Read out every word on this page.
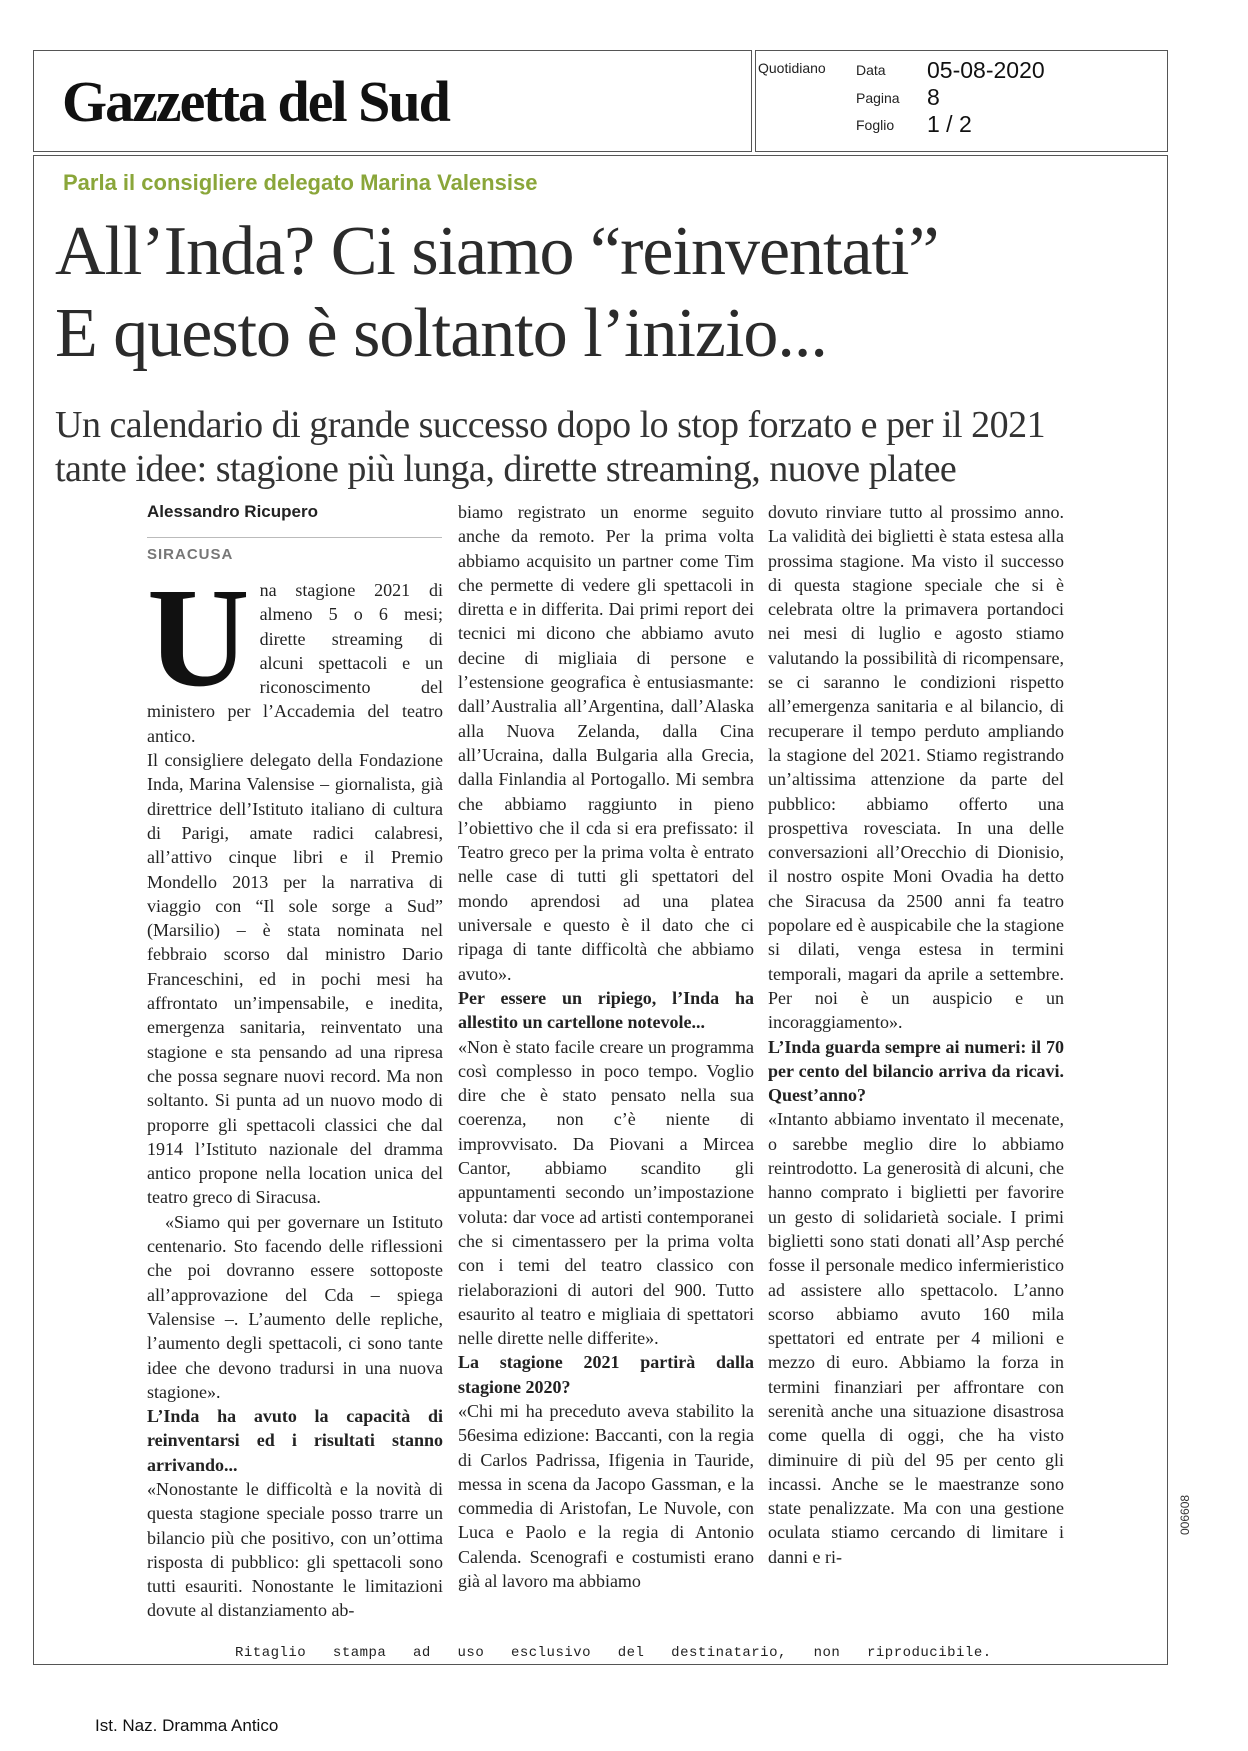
Gazzetta del Sud
Quotidiano Data 05-08-2020
Pagina 8
Foglio 1 / 2
Parla il consigliere delegato Marina Valensise
All’Inda? Ci siamo “reinventati”
E questo è soltanto l’inizio...
Un calendario di grande successo dopo lo stop forzato e per il 2021
tante idee: stagione più lunga, dirette streaming, nuove platee
Alessandro Ricupero
SIRACUSA
U na stagione 2021 di almeno 5 o 6 mesi; dirette streaming di alcuni spettacoli e un riconoscimento del ministero per l’Accademia del teatro antico.

Il consigliere delegato della Fondazione Inda, Marina Valensise – giornalista, già direttrice dell’Istituto italiano di cultura di Parigi, amate radici calabresi, all’attivo cinque libri e il Premio Mondello 2013 per la narrativa di viaggio con “Il sole sorge a Sud” (Marsilio) – è stata nominata nel febbraio scorso dal ministro Dario Franceschini, ed in pochi mesi ha affrontato un’impensabile, e inedita, emergenza sanitaria, reinventato una stagione e sta pensando ad una ripresa che possa segnare nuovi record. Ma non soltanto. Si punta ad un nuovo modo di proporre gli spettacoli classici che dal 1914 l’Istituto nazionale del dramma antico propone nella location unica del teatro greco di Siracusa.

«Siamo qui per governare un Istituto centenario. Sto facendo delle riflessioni che poi dovranno essere sottoposte all’approvazione del Cda – spiega Valensise –. L’aumento delle repliche, l’aumento degli spettacoli, ci sono tante idee che devono tradursi in una nuova stagione».

L’Inda ha avuto la capacità di reinventarsi ed i risultati stanno arrivando...

«Nonostante le difficoltà e la novità di questa stagione speciale posso trarre un bilancio più che positivo, con un’ottima risposta di pubblico: gli spettacoli sono tutti esauriti. Nonostante le limitazioni dovute al distanziamento ab-

biamo registrato un enorme seguito anche da remoto. Per la prima volta abbiamo acquisito un partner come Tim che permette di vedere gli spettacoli in diretta e in differita. Dai primi report dei tecnici mi dicono che abbiamo avuto decine di migliaia di persone e l’estensione geografica è entusiasmante: dall’Australia all’Argentina, dall’Alaska alla Nuova Zelanda, dalla Cina all’Ucraina, dalla Bulgaria alla Grecia, dalla Finlandia al Portogallo. Mi sembra che abbiamo raggiunto in pieno l’obiettivo che il cda si era prefissato: il Teatro greco per la prima volta è entrato nelle case di tutti gli spettatori del mondo aprendosi ad una platea universale e questo è il dato che ci ripaga di tante difficoltà che abbiamo avuto».

Per essere un ripiego, l’Inda ha allestito un cartellone notevole...

«Non è stato facile creare un programma così complesso in poco tempo. Voglio dire che è stato pensato nella sua coerenza, non c’è niente di improvvisato. Da Piovani a Mircea Cantor, abbiamo scandito gli appuntamenti secondo un’impostazione voluta: dar voce ad artisti contemporanei che si cimentassero per la prima volta con i temi del teatro classico con rielaborazioni di autori del 900. Tutto esaurito al teatro e migliaia di spettatori nelle dirette nelle differite».

La stagione 2021 partirà dalla stagione 2020?

«Chi mi ha preceduto aveva stabilito la 56esima edizione: Baccanti, con la regia di Carlos Padrissa, Ifigenia in Tauride, messa in scena da Jacopo Gassman, e la commedia di Aristofan, Le Nuvole, con Luca e Paolo e la regia di Antonio Calenda. Scenografi e costumisti erano già al lavoro ma abbiamo

dovuto rinviare tutto al prossimo anno. La validità dei biglietti è stata estesa alla prossima stagione. Ma visto il successo di questa stagione speciale che si è celebrata oltre la primavera portandoci nei mesi di luglio e agosto stiamo valutando la possibilità di ricompensare, se ci saranno le condizioni rispetto all’emergenza sanitaria e al bilancio, di recuperare il tempo perduto ampliando la stagione del 2021. Stiamo registrando un’altissima attenzione da parte del pubblico: abbiamo offerto una prospettiva rovesciata. In una delle conversazioni all’Orecchio di Dionisio, il nostro ospite Moni Ovadia ha detto che Siracusa da 2500 anni fa teatro popolare ed è auspicabile che la stagione si dilati, venga estesa in termini temporali, magari da aprile a settembre. Per noi è un auspicio e un incoraggiamento».

L’Inda guarda sempre ai numeri: il 70 per cento del bilancio arriva da ricavi. Quest’anno?

«Intanto abbiamo inventato il mecenate, o sarebbe meglio dire lo abbiamo reintrodotto. La generosità di alcuni, che hanno comprato i biglietti per favorire un gesto di solidarietà sociale. I primi biglietti sono stati donati all’Asp perché fosse il personale medico infermieristico ad assistere allo spettacolo. L’anno scorso abbiamo avuto 160 mila spettatori ed entrate per 4 milioni e mezzo di euro. Abbiamo la forza in termini finanziari per affrontare con serenità anche una situazione disastrosa come quella di oggi, che ha visto diminuire di più del 95 per cento gli incassi. Anche se le maestranze sono state penalizzate. Ma con una gestione oculata stiamo cercando di limitare i danni e ri-

006608
Ritaglio   stampa   ad   uso   esclusivo   del   destinatario,   non   riproducibile.
Ist. Naz. Dramma Antico
